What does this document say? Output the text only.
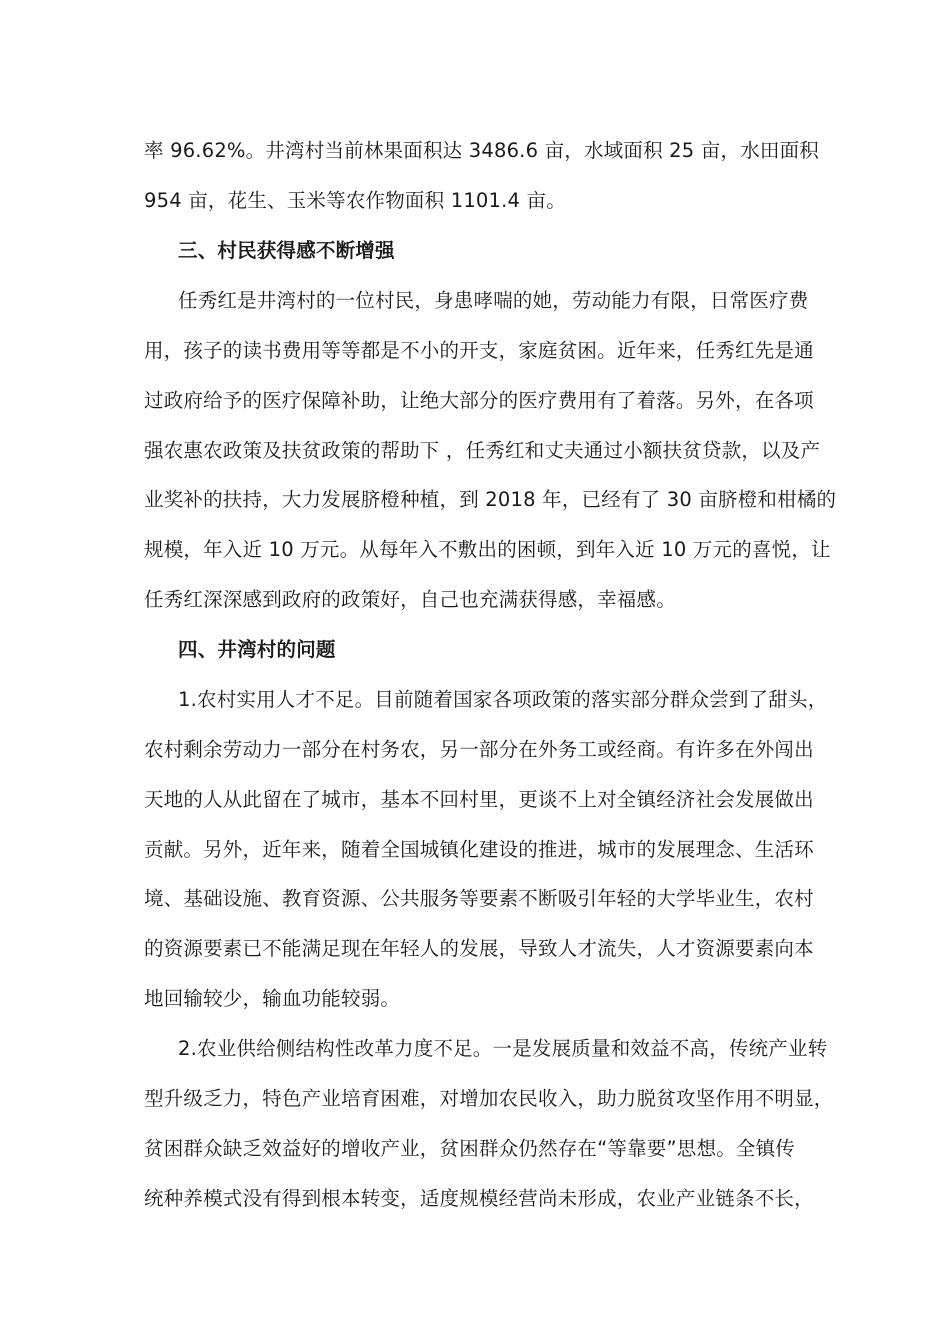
率 96.62%。井湾村当前林果面积达 3486.6 亩，水域面积 25 亩，水田面积
954 亩，花生、玉米等农作物面积 1101.4 亩。
三、村民获得感不断增强
任秀红是井湾村的一位村民，身患哮喘的她，劳动能力有限，日常医疗费
用，孩子的读书费用等等都是不小的开支，家庭贫困。近年来，任秀红先是通
过政府给予的医疗保障补助，让绝大部分的医疗费用有了着落。另外，在各项
强农惠农政策及扶贫政策的帮助下 ，任秀红和丈夫通过小额扶贫贷款，以及产
业奖补的扶持，大力发展脐橙种植，到 2018 年，已经有了 30 亩脐橙和柑橘的
规模，年入近 10 万元。从每年入不敷出的困顿，到年入近 10 万元的喜悦，让
任秀红深深感到政府的政策好，自己也充满获得感，幸福感。
四、井湾村的问题
1.农村实用人才不足。目前随着国家各项政策的落实部分群众尝到了甜头，
农村剩余劳动力一部分在村务农，另一部分在外务工或经商。有许多在外闯出
天地的人从此留在了城市，基本不回村里，更谈不上对全镇经济社会发展做出
贡献。另外，近年来，随着全国城镇化建设的推进，城市的发展理念、生活环
境、基础设施、教育资源、公共服务等要素不断吸引年轻的大学毕业生，农村
的资源要素已不能满足现在年轻人的发展，导致人才流失，人才资源要素向本
地回输较少，输血功能较弱。
2.农业供给侧结构性改革力度不足。一是发展质量和效益不高，传统产业转
型升级乏力，特色产业培育困难，对增加农民收入，助力脱贫攻坚作用不明显，
贫困群众缺乏效益好的增收产业，贫困群众仍然存在“等靠要”思想。全镇传
统种养模式没有得到根本转变，适度规模经营尚未形成，农业产业链条不长，
